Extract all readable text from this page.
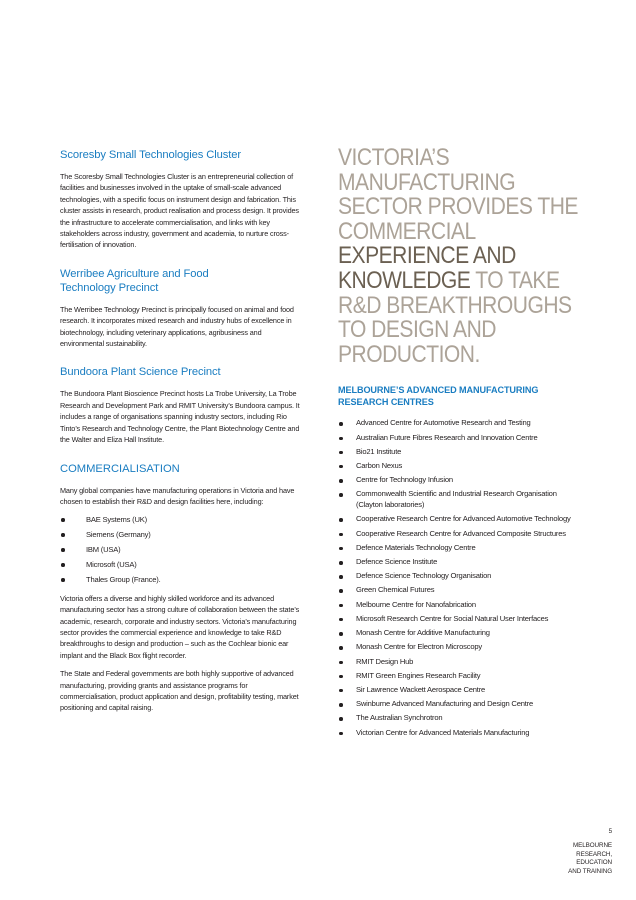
Scoresby Small Technologies Cluster

The Scoresby Small Technologies Cluster is an entrepreneurial collection of facilities and businesses involved in the uptake of small-scale advanced technologies, with a specific focus on instrument design and fabrication. This cluster assists in research, product realisation and process design. It provides the infrastructure to accelerate commercialisation, and links with key stakeholders across industry, government and academia, to nurture cross-fertilisation of innovation.

Werribee Agriculture and Food Technology Precinct

The Werribee Technology Precinct is principally focused on animal and food research. It incorporates mixed research and industry hubs of excellence in biotechnology, including veterinary applications, agribusiness and environmental sustainability.

Bundoora Plant Science Precinct

The Bundoora Plant Bioscience Precinct hosts La Trobe University, La Trobe Research and Development Park and RMIT University’s Bundoora campus. It includes a range of organisations spanning industry sectors, including Rio Tinto’s Research and Technology Centre, the Plant Biotechnology Centre and the Walter and Eliza Hall Institute.

COMMERCIALISATION

Many global companies have manufacturing operations in Victoria and have chosen to establish their R&D and design facilities here, including:

BAE Systems (UK)
Siemens (Germany)
IBM (USA)
Microsoft (USA)
Thales Group (France).

Victoria offers a diverse and highly skilled workforce and its advanced manufacturing sector has a strong culture of collaboration between the state’s academic, research, corporate and industry sectors. Victoria’s manufacturing sector provides the commercial experience and knowledge to take R&D breakthroughs to design and production – such as the Cochlear bionic ear implant and the Black Box flight recorder.

The State and Federal governments are both highly supportive of advanced manufacturing, providing grants and assistance programs for commercialisation, product application and design, profitability testing, market positioning and capital raising.

VICTORIA’S MANUFACTURING SECTOR PROVIDES THE COMMERCIAL EXPERIENCE AND KNOWLEDGE TO TAKE R&D BREAKTHROUGHS TO DESIGN AND PRODUCTION.
MELBOURNE’S ADVANCED MANUFACTURING RESEARCH CENTRES
Advanced Centre for Automotive Research and Testing
Australian Future Fibres Research and Innovation Centre
Bio21 Institute
Carbon Nexus
Centre for Technology Infusion
Commonwealth Scientific and Industrial Research Organisation (Clayton laboratories)
Cooperative Research Centre for Advanced Automotive Technology
Cooperative Research Centre for Advanced Composite Structures
Defence Materials Technology Centre
Defence Science Institute
Defence Science Technology Organisation
Green Chemical Futures
Melbourne Centre for Nanofabrication
Microsoft Research Centre for Social Natural User Interfaces
Monash Centre for Additive Manufacturing
Monash Centre for Electron Microscopy
RMIT Design Hub
RMIT Green Engines Research Facility
Sir Lawrence Wackett Aerospace Centre
Swinburne Advanced Manufacturing and Design Centre
The Australian Synchrotron
Victorian Centre for Advanced Materials Manufacturing
5
MELBOURNE
RESEARCH,
EDUCATION
AND TRAINING
